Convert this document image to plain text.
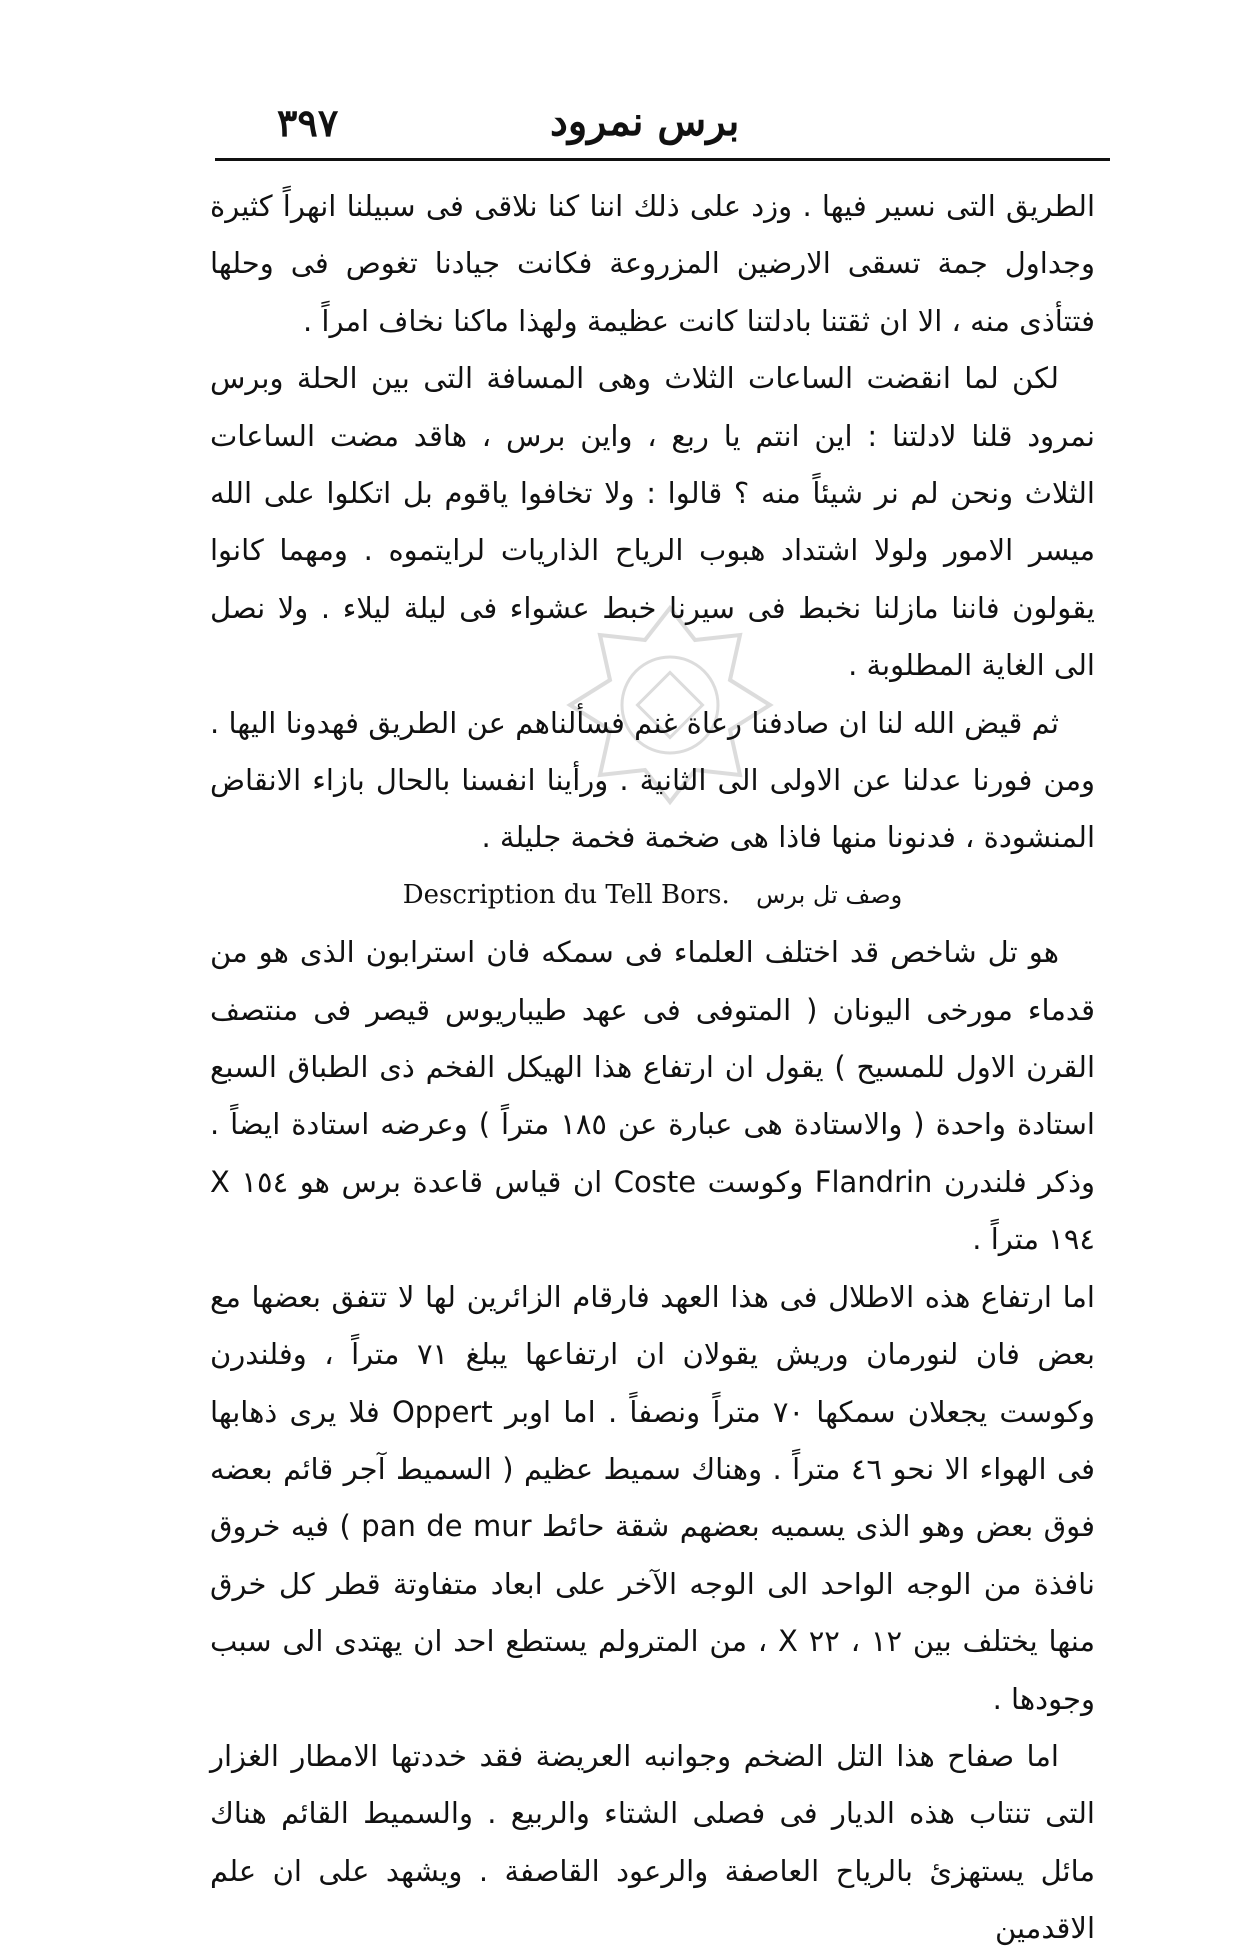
٣٩٧	برس نمرود

الطريق التى نسير فيها . وزد على ذلك اننا كنا نلاقى فى سبيلنا انهراً كثيرة وجداول جمة تسقى الارضين المزروعة فكانت جيادنا تغوص فى وحلها فتتأذى منه ، الا ان ثقتنا بادلتنا كانت عظيمة ولهذا ماكنا نخاف امراً .

لكن لما انقضت الساعات الثلاث وهى المسافة التى بين الحلة وبرس نمرود قلنا لادلتنا : اين انتم يا ربع ، واين برس ، هاقد مضت الساعات الثلاث ونحن لم نر شيئاً منه ؟ قالوا : ولا تخافوا ياقوم بل اتكلوا على الله ميسر الامور ولولا اشتداد هبوب الرياح الذاريات لرايتموه . ومهما كانوا يقولون فاننا مازلنا نخبط فى سيرنا خبط عشواء فى ليلة ليلاء . ولا نصل الى الغاية المطلوبة .

ثم قيض الله لنا ان صادفنا رعاة غنم فسألناهم عن الطريق فهدونا اليها . ومن فورنا عدلنا عن الاولى الى الثانية . ورأينا انفسنا بالحال بازاء الانقاض المنشودة ، فدنونا منها فاذا هى ضخمة فخمة جليلة .

Description du Tell Bors. وصف تل برس

هو تل شاخص قد اختلف العلماء فى سمكه فان استرابون الذى هو من قدماء مورخى اليونان ( المتوفى فى عهد طيباريوس قيصر فى منتصف القرن الاول للمسيح ) يقول ان ارتفاع هذا الهيكل الفخم ذى الطباق السبع استادة واحدة ( والاستادة هى عبارة عن ١٨٥ متراً ) وعرضه استادة ايضاً . وذكر فلندرن Flandrin وكوست Coste ان قياس قاعدة برس هو ١٥٤ X ١٩٤ متراً .

اما ارتفاع هذه الاطلال فى هذا العهد فارقام الزائرين لها لا تتفق بعضها مع بعض فان لنورمان وريش يقولان ان ارتفاعها يبلغ ٧١ متراً ، وفلندرن وكوست يجعلان سمكها ٧٠ متراً ونصفاً . اما اوبر Oppert فلا يرى ذهابها فى الهواء الا نحو ٤٦ متراً . وهناك سميط عظيم ( السميط آجر قائم بعضه فوق بعض وهو الذى يسميه بعضهم شقة حائط pan de mur ) فيه خروق نافذة من الوجه الواحد الى الوجه الآخر على ابعاد متفاوتة قطر كل خرق منها يختلف بين ١٢ ، ٢٢ X ، من المترولم يستطع احد ان يهتدى الى سبب وجودها .

اما صفاح هذا التل الضخم وجوانبه العريضة فقد خددتها الامطار الغزار التى تنتاب هذه الديار فى فصلى الشتاء والربيع . والسميط القائم هناك مائل يستهزئ بالرياح العاصفة والرعود القاصفة . ويشهد على ان علم الاقدمين
